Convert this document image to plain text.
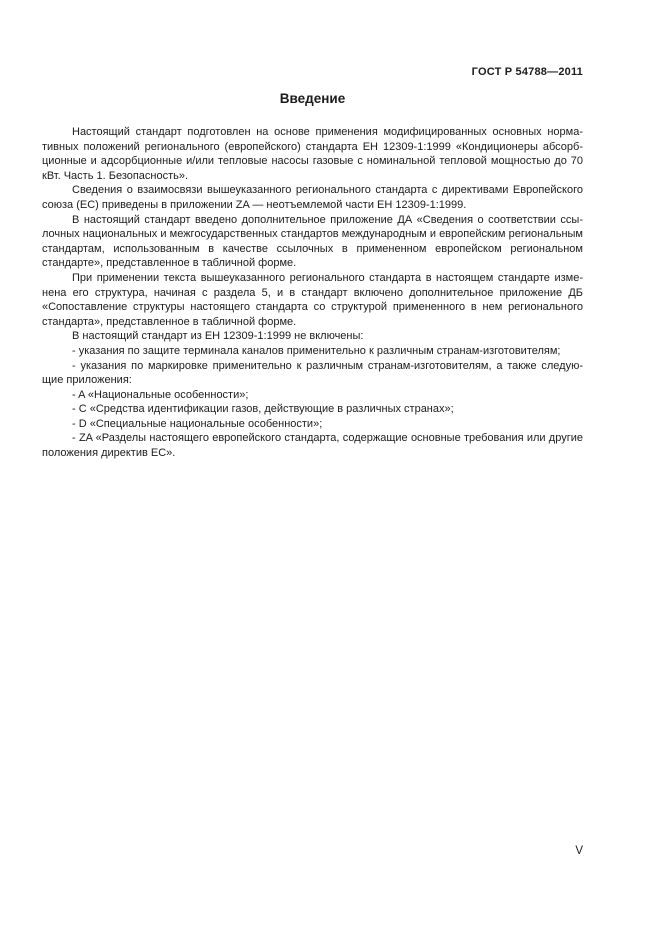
ГОСТ Р 54788—2011
Введение

Настоящий стандарт подготовлен на основе применения модифицированных основных нормативных положений регионального (европейского) стандарта ЕН 12309-1:1999 «Кондиционеры абсорбционные и адсорбционные и/или тепловые насосы газовые с номинальной тепловой мощностью до 70 кВт. Часть 1. Безопасность».

Сведения о взаимосвязи вышеуказанного регионального стандарта с директивами Европейского союза (ЕС) приведены в приложении ZA — неотъемлемой части ЕН 12309-1:1999.

В настоящий стандарт введено дополнительное приложение ДА «Сведения о соответствии ссылочных национальных и межгосударственных стандартов международным и европейским региональным стандартам, использованным в качестве ссылочных в примененном европейском региональном стандарте», представленное в табличной форме.

При применении текста вышеуказанного регионального стандарта в настоящем стандарте изменена его структура, начиная с раздела 5, и в стандарт включено дополнительное приложение ДБ «Сопоставление структуры настоящего стандарта со структурой примененного в нем регионального стандарта», представленное в табличной форме.

В настоящий стандарт из ЕН 12309-1:1999 не включены:

- указания по защите терминала каналов применительно к различным странам-изготовителям;

- указания по маркировке применительно к различным странам-изготовителям, а также следующие приложения:

- A «Национальные особенности»;

- C «Средства идентификации газов, действующие в различных странах»;

- D «Специальные национальные особенности»;

- ZA «Разделы настоящего европейского стандарта, содержащие основные требования или другие положения директив ЕС».

V
